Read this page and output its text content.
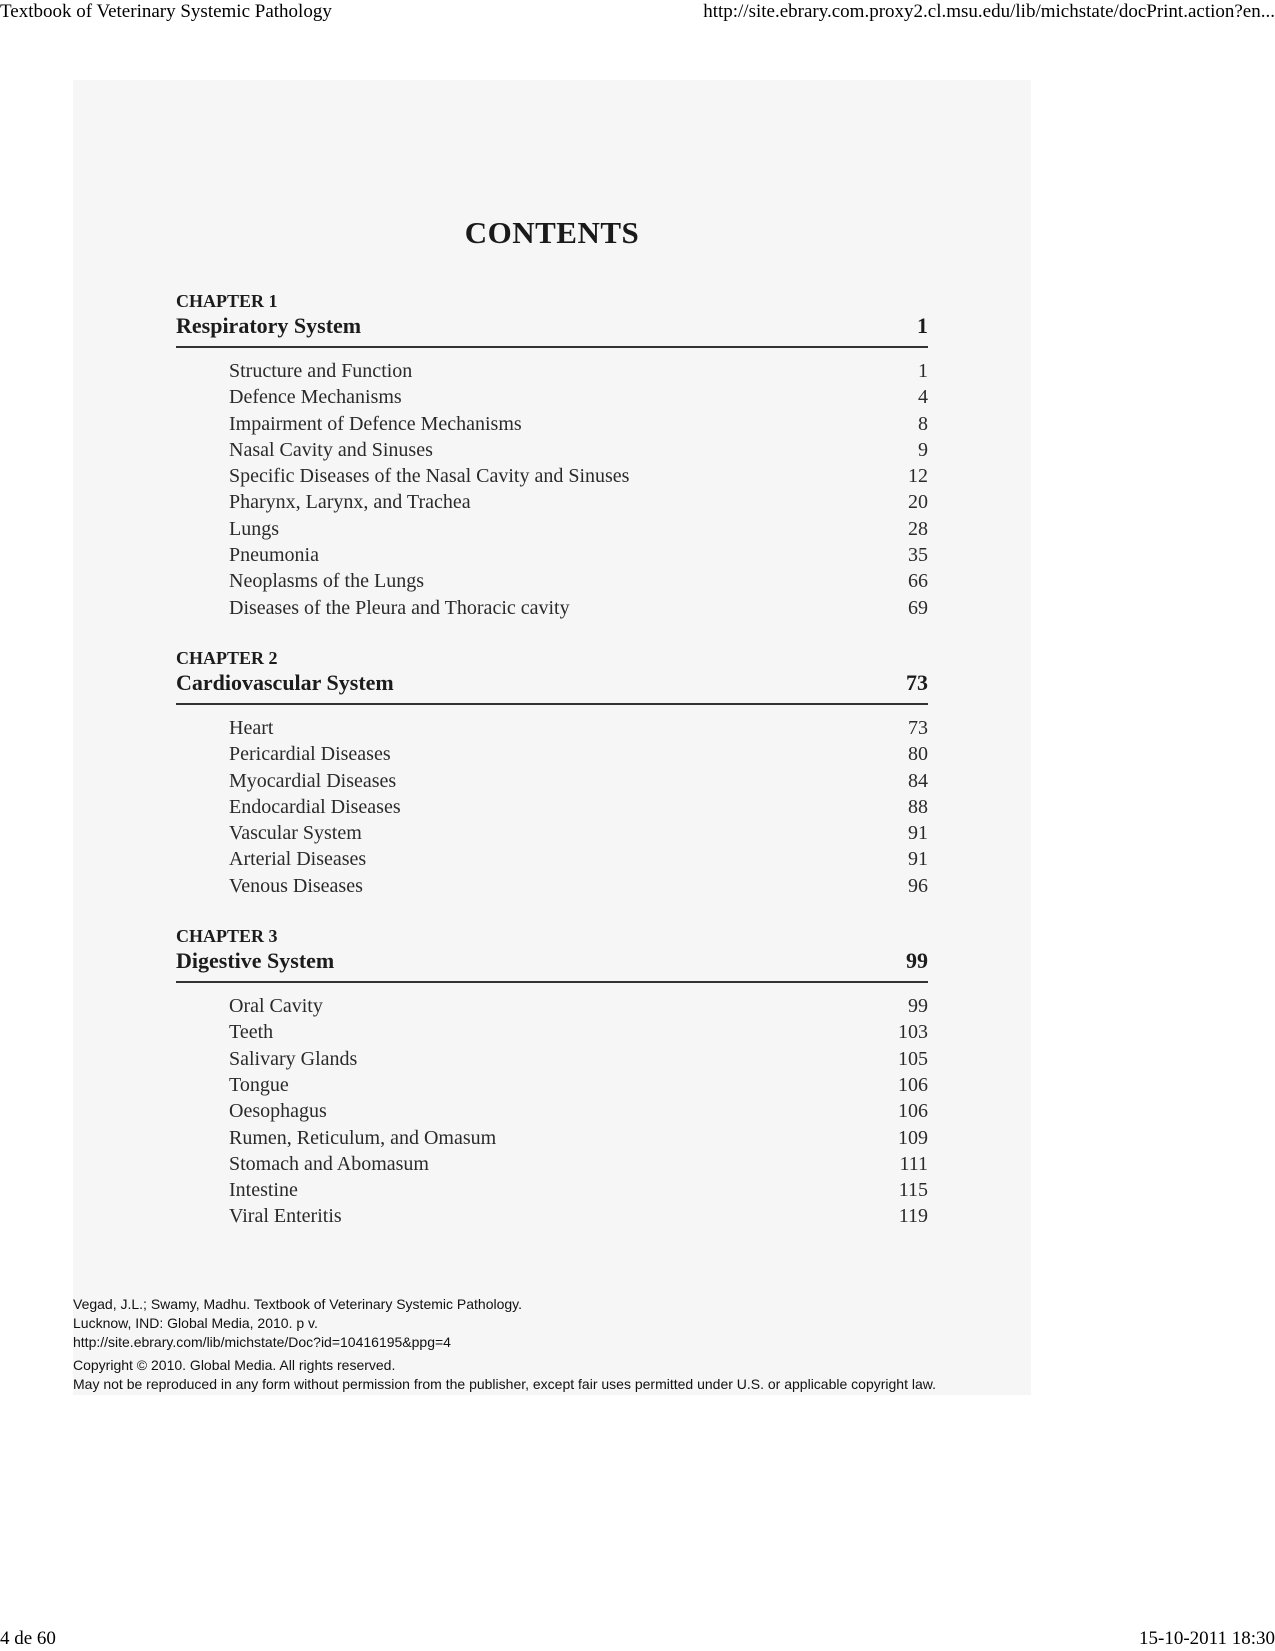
Textbook of Veterinary Systemic Pathology	http://site.ebrary.com.proxy2.cl.msu.edu/lib/michstate/docPrint.action?en...
CONTENTS
CHAPTER 1
Respiratory System	1
Structure and Function	1
Defence Mechanisms	4
Impairment of Defence Mechanisms	8
Nasal Cavity and Sinuses	9
Specific Diseases of the Nasal Cavity and Sinuses	12
Pharynx, Larynx, and Trachea	20
Lungs	28
Pneumonia	35
Neoplasms of the Lungs	66
Diseases of the Pleura and Thoracic cavity	69
CHAPTER 2
Cardiovascular System	73
Heart	73
Pericardial Diseases	80
Myocardial Diseases	84
Endocardial Diseases	88
Vascular System	91
Arterial Diseases	91
Venous Diseases	96
CHAPTER 3
Digestive System	99
Oral Cavity	99
Teeth	103
Salivary Glands	105
Tongue	106
Oesophagus	106
Rumen, Reticulum, and Omasum	109
Stomach and Abomasum	111
Intestine	115
Viral Enteritis	119
Vegad, J.L.; Swamy, Madhu. Textbook of Veterinary Systemic Pathology.
Lucknow, IND: Global Media, 2010. p v.
http://site.ebrary.com/lib/michstate/Doc?id=10416195&ppg=4
Copyright © 2010. Global Media. All rights reserved.
May not be reproduced in any form without permission from the publisher, except fair uses permitted under U.S. or applicable copyright law.
4 de 60	15-10-2011 18:30
